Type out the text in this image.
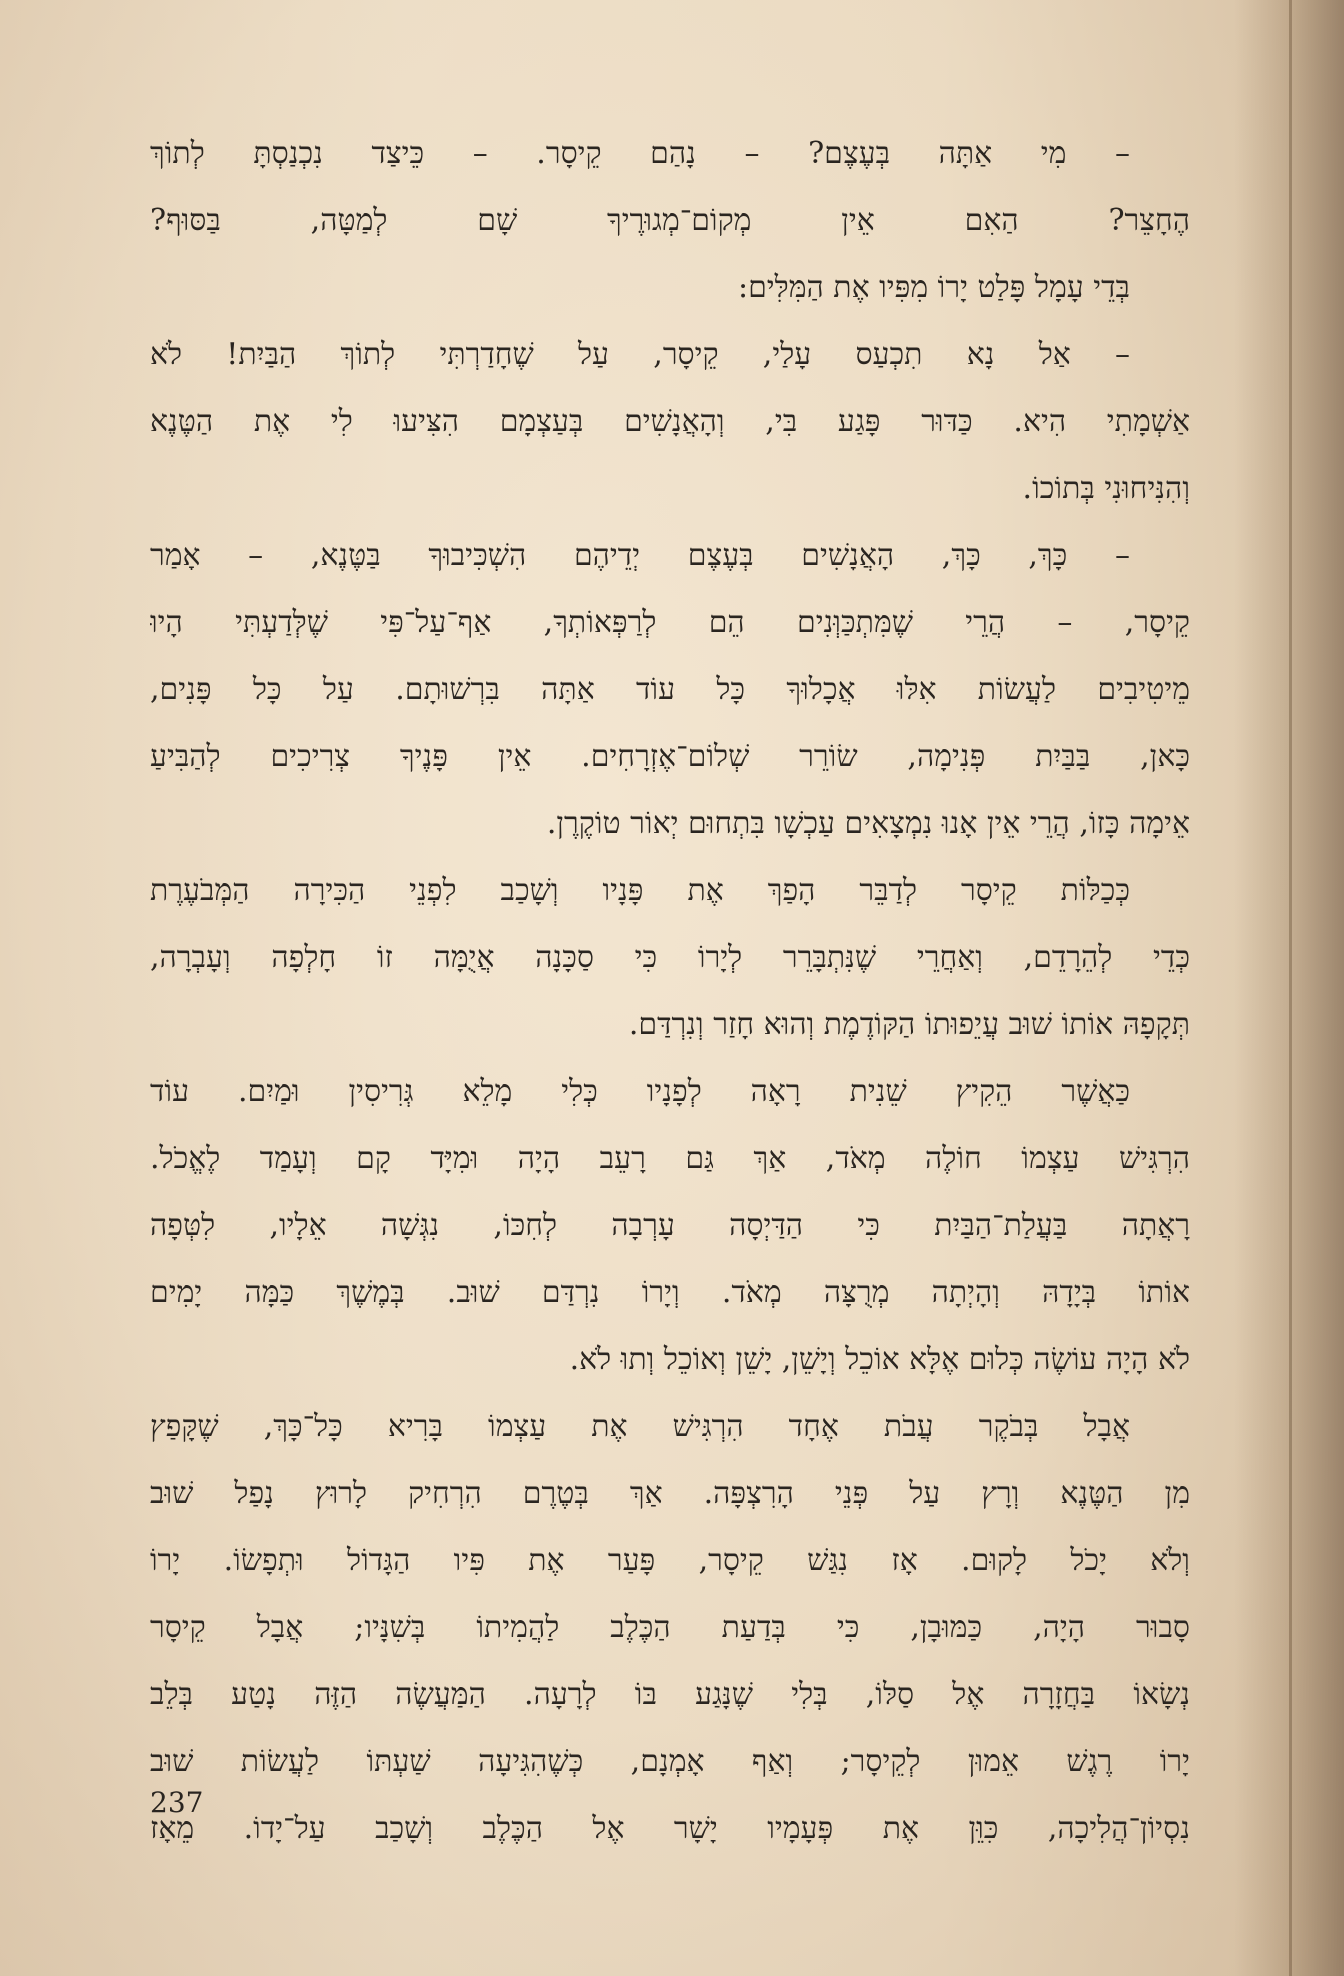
– מִי אַתָּה בְּעֶצֶם? – נָהַם קֵיסָר. – כֵּיצַד נִכְנַסְתָּ לְתוֹךְ
הֶחָצֵר? הַאִם אֵין מְקוֹם־מְגוּרֶיךָ שָׁם לְמַטָּה, בַּסּוּף?
בְּדֵי עָמָל פָּלַט יָרוֹ מִפִּיו אֶת הַמִּלִּים:
– אַל נָא תִכְעַס עָלַי, קֵיסָר, עַל שֶׁחָדַרְתִּי לְתוֹךְ הַבַּיִת! לֹא
אַשְׁמָתִי הִיא. כַּדּוּר פָּגַע בִּי, וְהָאֲנָשִׁים בְּעַצְמָם הִצִּיעוּ לִי אֶת הַטֶּנֶא
וְהִנִּיחוּנִי בְּתוֹכוֹ.
– כָּךְ, כָּךְ, הָאֲנָשִׁים בְּעֶצֶם יְדֵיהֶם הִשְׁכִּיבוּךָ בַּטֶּנֶא, – אָמַר
קֵיסָר, – הֲרֵי שֶׁמִּתְכַּוְּנִים הֵם לְרַפְּאוֹתְךָ, אַף־עַל־פִּי שֶׁלְּדַעְתִּי הָיוּ
מֵיטִיבִים לַעֲשׂוֹת אִלּוּ אֲכָלוּךָ כָּל עוֹד אַתָּה בִּרְשׁוּתָם. עַל כָּל פָּנִים,
כָּאן, בַּבַּיִת פְּנִימָה, שׂוֹרֵר שְׁלוֹם־אֶזְרָחִים. אֵין פָּנֶיךָ צְרִיכִים לְהַבִּיעַ
אֵימָה כָּזוֹ, הֲרֵי אֵין אָנוּ נִמְצָאִים עַכְשָׁו בִּתְחוּם יְאוֹר טוֹקֶרֶן.
כְּכַלּוֹת קֵיסָר לְדַבֵּר הָפַךְ אֶת פָּנָיו וְשָׁכַב לִפְנֵי הַכִּירָה הַמְּבֹעֶרֶת
כְּדֵי לְהֵרָדֵם, וְאַחֲרֵי שֶׁנִּתְבָּרֵר לְיָרוֹ כִּי סַכָּנָה אֲיֻמָּה זוֹ חָלְפָה וְעָבְרָה,
תְּקָפָהּ אוֹתוֹ שׁוּב עֲיֵפוּתוֹ הַקּוֹדֶמֶת וְהוּא חָזַר וְנִרְדַּם.
כַּאֲשֶׁר הֵקִיץ שֵׁנִית רָאָה לְפָנָיו כְּלִי מָלֵא גְּרִיסִין וּמַיִם. עוֹד
הִרְגִּישׁ עַצְמוֹ חוֹלֶה מְאֹד, אַךְ גַּם רָעֵב הָיָה וּמִיָּד קָם וְעָמַד לֶאֱכֹל.
רָאֲתָה בַּעֲלַת־הַבַּיִת כִּי הַדַּיְסָה עָרְבָה לְחִכּוֹ, נִגְּשָׁה אֵלָיו, לִטְּפָה
אוֹתוֹ בְּיָדָהּ וְהָיְתָה מְרֻצָּה מְאֹד. וְיָרוֹ נִרְדַּם שׁוּב. בְּמֶשֶׁךְ כַּמָּה יָמִים
לֹא הָיָה עוֹשֶׂה כְּלוּם אֶלָּא אוֹכֵל וְיָשֵׁן, יָשֵׁן וְאוֹכֵל וְתוּ לֹא.
אֲבָל בְּבֹקֶר עֲבֹת אֶחָד הִרְגִּישׁ אֶת עַצְמוֹ בָּרִיא כָּל־כָּךְ, שֶׁקָּפַץ
מִן הַטֶּנֶא וְרָץ עַל פְּנֵי הָרִצְפָּה. אַךְ בְּטֶרֶם הִרְחִיק לָרוּץ נָפַל שׁוּב
וְלֹא יָכֹל לָקוּם. אָז נִגַּשׁ קֵיסָר, פָּעַר אֶת פִּיו הַגָּדוֹל וּתְפָשׂוֹ. יָרוֹ
סָבוּר הָיָה, כַּמּוּבָן, כִּי בְּדַעַת הַכֶּלֶב לַהֲמִיתוֹ בְּשִׁנָּיו; אֲבָל קֵיסָר
נְשָׂאוֹ בַּחֲזָרָה אֶל סַלּוֹ, בְּלִי שֶׁנָּגַע בּוֹ לְרָעָה. הַמַּעֲשֶׂה הַזֶּה נָטַע בְּלֵב
יָרוֹ רֶגֶשׁ אֵמוּן לְקֵיסָר; וְאַף אָמְנָם, כְּשֶׁהִגִּיעָה שַׁעְתּוֹ לַעֲשׂוֹת שׁוּב
נִסְיוֹן־הֲלִיכָה, כִּוֵּן אֶת פְּעָמָיו יָשָׁר אֶל הַכֶּלֶב וְשָׁכַב עַל־יָדוֹ. מֵאָז
237
